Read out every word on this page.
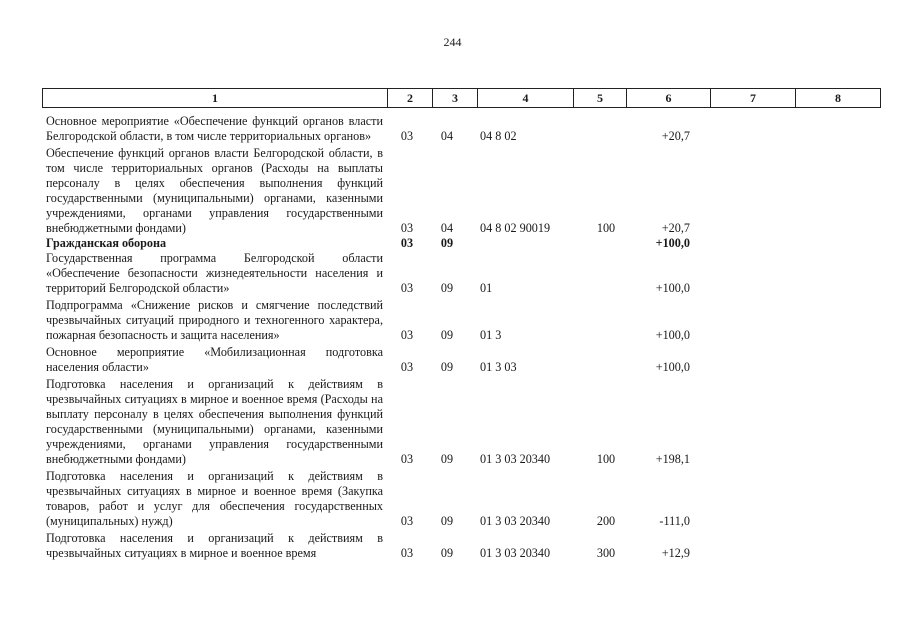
244
1	2	3	4	5	6	7	8
Основное мероприятие «Обеспечение функций органов власти Белгородской области, в том числе территориальных органов»	03	04	04 8 02		+20,7
Обеспечение функций органов власти Белгородской области, в том числе территориальных органов (Расходы на выплаты персоналу в целях обеспечения выполнения функций государственными (муниципальными) органами, казенными учреждениями, органами управления государственными внебюджетными фондами)	03	04	04 8 02 90019	100	+20,7
Гражданская оборона	03	09			+100,0
Государственная программа Белгородской области «Обеспечение безопасности жизнедеятельности населения и территорий Белгородской области»	03	09	01		+100,0
Подпрограмма «Снижение рисков и смягчение последствий чрезвычайных ситуаций природного и техногенного характера, пожарная безопасность и защита населения»	03	09	01 3		+100,0
Основное мероприятие «Мобилизационная подготовка населения области»	03	09	01 3 03		+100,0
Подготовка населения и организаций к действиям в чрезвычайных ситуациях в мирное и военное время (Расходы на выплату персоналу в целях обеспечения выполнения функций государственными (муниципальными) органами, казенными учреждениями, органами управления государственными внебюджетными фондами)	03	09	01 3 03 20340	100	+198,1
Подготовка населения и организаций к действиям в чрезвычайных ситуациях в мирное и военное время (Закупка товаров, работ и услуг для обеспечения государственных (муниципальных) нужд)	03	09	01 3 03 20340	200	-111,0
Подготовка населения и организаций к действиям в чрезвычайных ситуациях в мирное и военное время	03	09	01 3 03 20340	300	+12,9
